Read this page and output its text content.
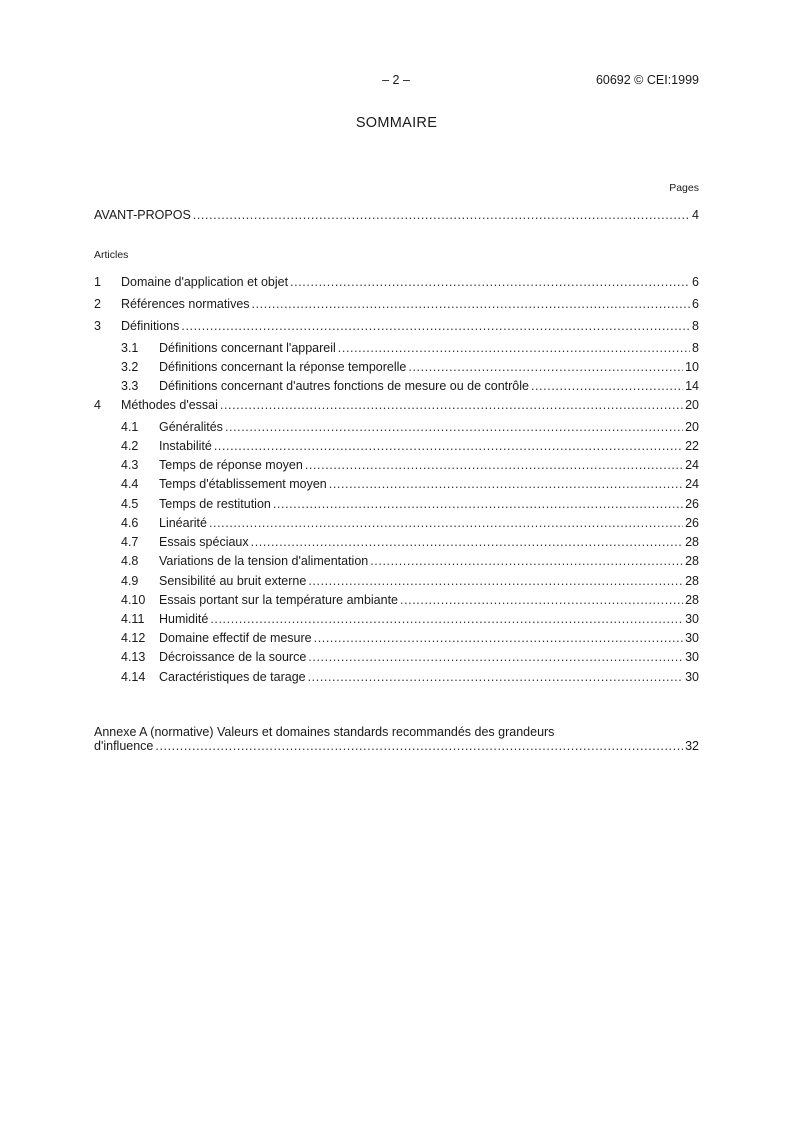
– 2 –	60692 © CEI:1999
SOMMAIRE
Pages
AVANT-PROPOS .....	4
Articles
1	Domaine d'application et objet .....	6
2	Références normatives .....	6
3	Définitions .....	8
3.1	Définitions concernant l'appareil .....	8
3.2	Définitions concernant la réponse temporelle .....	10
3.3	Définitions concernant d'autres fonctions de mesure ou de contrôle .....	14
4	Méthodes d'essai .....	20
4.1	Généralités .....	20
4.2	Instabilité .....	22
4.3	Temps de réponse moyen .....	24
4.4	Temps d'établissement moyen .....	24
4.5	Temps de restitution .....	26
4.6	Linéarité .....	26
4.7	Essais spéciaux .....	28
4.8	Variations de la tension d'alimentation .....	28
4.9	Sensibilité au bruit externe .....	28
4.10	Essais portant sur la température ambiante .....	28
4.11	Humidité .....	30
4.12	Domaine effectif de mesure .....	30
4.13	Décroissance de la source .....	30
4.14	Caractéristiques de tarage .....	30
Annexe A (normative) Valeurs et domaines standards recommandés des grandeurs
d'influence .....	32
